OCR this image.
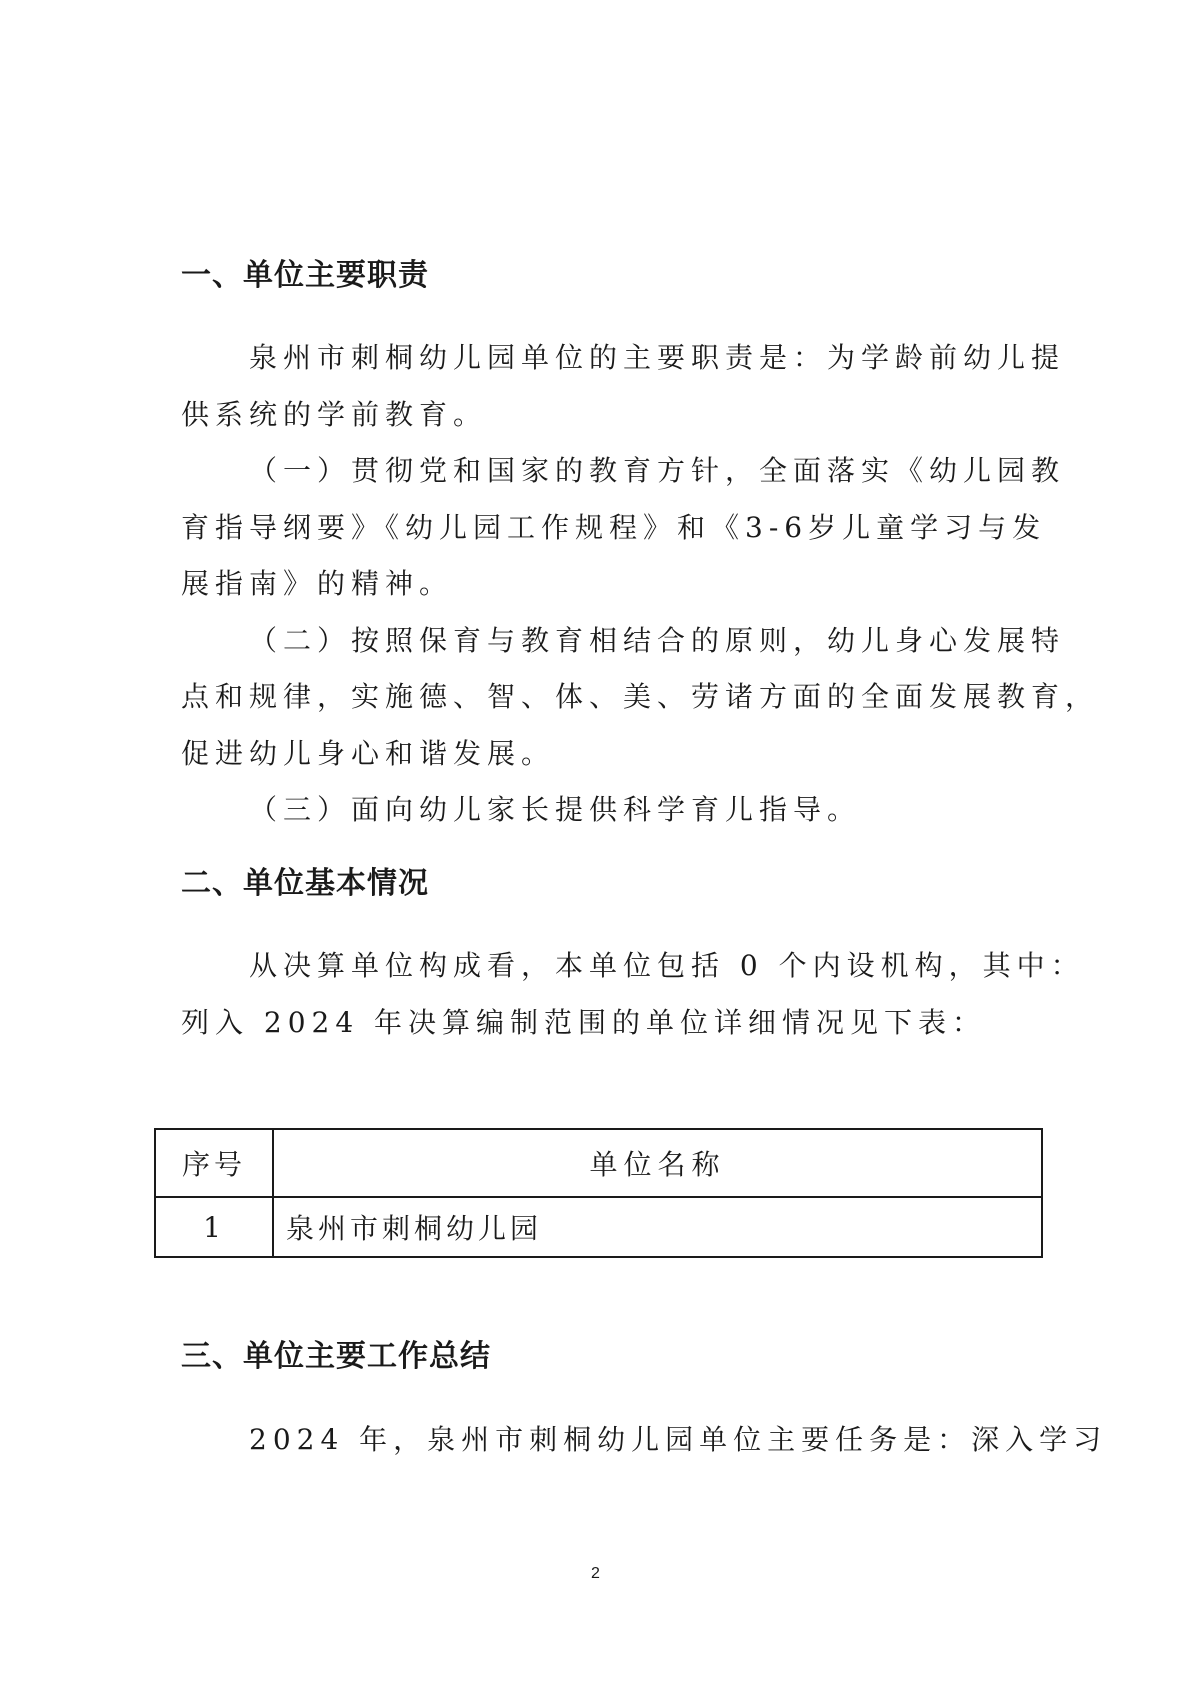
一、单位主要职责
泉州市刺桐幼儿园单位的主要职责是：为学龄前幼儿提
供系统的学前教育。
（一）贯彻党和国家的教育方针，全面落实《幼儿园教
育指导纲要》《幼儿园工作规程》和《3-6岁儿童学习与发
展指南》的精神。
（二）按照保育与教育相结合的原则，幼儿身心发展特
点和规律，实施德、智、体、美、劳诸方面的全面发展教育，
促进幼儿身心和谐发展。
（三）面向幼儿家长提供科学育儿指导。
二、单位基本情况
从决算单位构成看，本单位包括 0 个内设机构，其中：
列入 2024 年决算编制范围的单位详细情况见下表：
序号	单位名称
1	泉州市刺桐幼儿园
三、单位主要工作总结
2024 年，泉州市刺桐幼儿园单位主要任务是：深入学习
2
